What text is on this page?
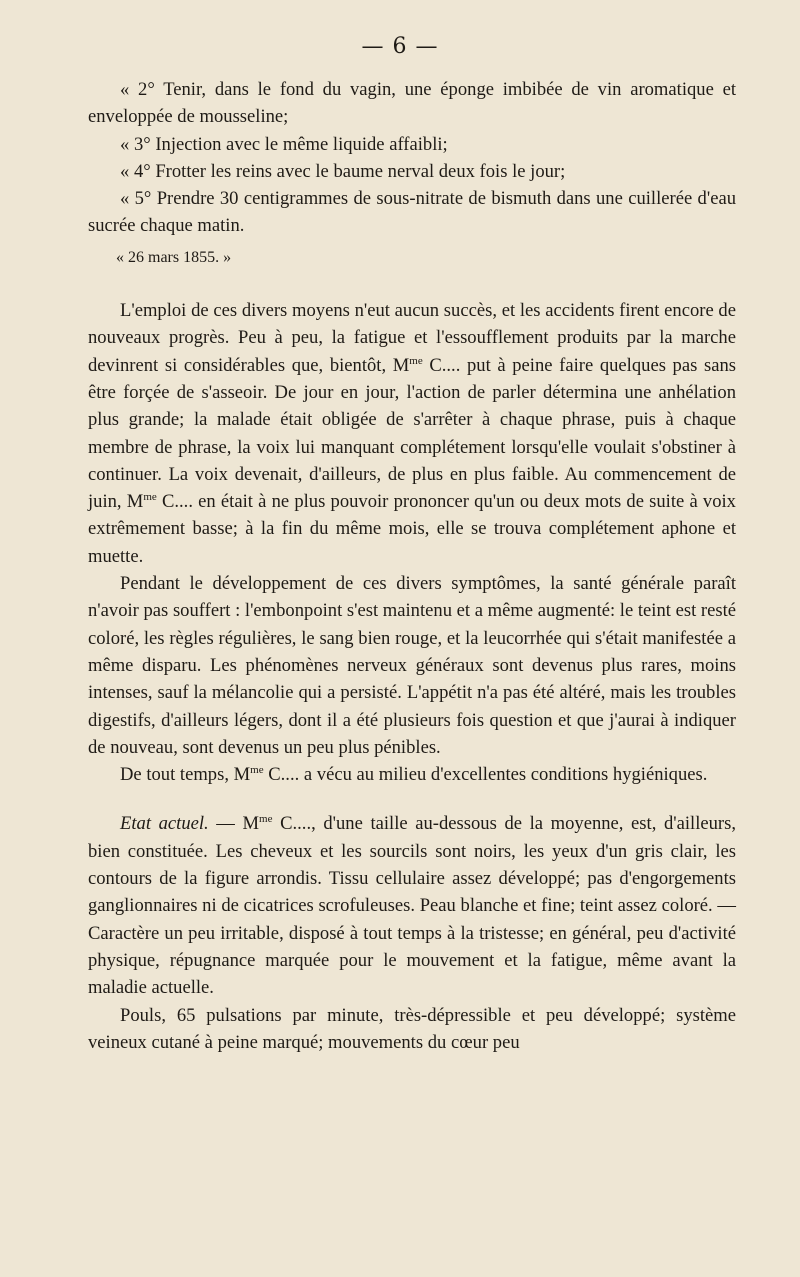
— 6 —

« 2° Tenir, dans le fond du vagin, une éponge imbibée de vin aromatique et enveloppée de mousseline;

« 3° Injection avec le même liquide affaibli;

« 4° Frotter les reins avec le baume nerval deux fois le jour;

« 5° Prendre 30 centigrammes de sous-nitrate de bismuth dans une cuillerée d'eau sucrée chaque matin.

« 26 mars 1855. »

L'emploi de ces divers moyens n'eut aucun succès, et les accidents firent encore de nouveaux progrès. Peu à peu, la fatigue et l'essoufflement produits par la marche devinrent si considérables que, bientôt, $M^{me}$ C.... put à peine faire quelques pas sans être forçée de s'asseoir. De jour en jour, l'action de parler détermina une anhélation plus grande; la malade était obligée de s'arrêter à chaque phrase, puis à chaque membre de phrase, la voix lui manquant complétement lorsqu'elle voulait s'obstiner à continuer. La voix devenait, d'ailleurs, de plus en plus faible. Au commencement de juin, $M^{me}$ C.... en était à ne plus pouvoir prononcer qu'un ou deux mots de suite à voix extrêmement basse; à la fin du même mois, elle se trouva complétement aphone et muette.

Pendant le développement de ces divers symptômes, la santé générale paraît n'avoir pas souffert : l'embonpoint s'est maintenu et a même augmenté: le teint est resté coloré, les règles régulières, le sang bien rouge, et la leucorrhée qui s'était manifestée a même disparu. Les phénomènes nerveux généraux sont devenus plus rares, moins intenses, sauf la mélancolie qui a persisté. L'appétit n'a pas été altéré, mais les troubles digestifs, d'ailleurs légers, dont il a été plusieurs fois question et que j'aurai à indiquer de nouveau, sont devenus un peu plus pénibles.

De tout temps, $M^{me}$ C.... a vécu au milieu d'excellentes conditions hygiéniques.

Etat actuel. — $M^{me}$ C...., d'une taille au-dessous de la moyenne, est, d'ailleurs, bien constituée. Les cheveux et les sourcils sont noirs, les yeux d'un gris clair, les contours de la figure arrondis. Tissu cellulaire assez développé; pas d'engorgements ganglionnaires ni de cicatrices scrofuleuses. Peau blanche et fine; teint assez coloré. — Caractère un peu irritable, disposé à tout temps à la tristesse; en général, peu d'activité physique, répugnance marquée pour le mouvement et la fatigue, même avant la maladie actuelle.

Pouls, 65 pulsations par minute, très-dépressible et peu développé; système veineux cutané à peine marqué; mouvements du cœur peu
